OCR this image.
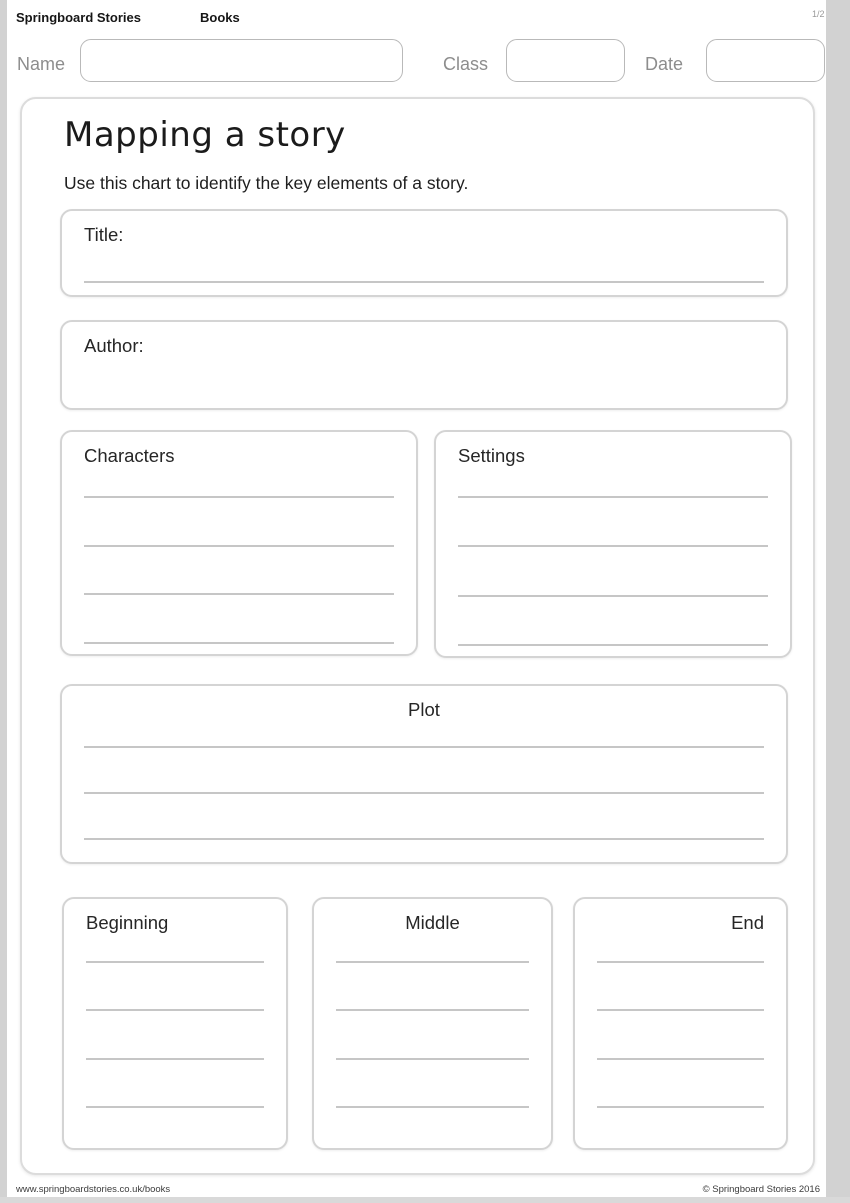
Springboard Stories	Books	1/2
Name	Class	Date
Mapping a story
Use this chart to identify the key elements of a story.
Title:
Author:
Characters	Settings
Plot
Beginning	Middle	End
www.springboardstories.co.uk/books	© Springboard Stories 2016
